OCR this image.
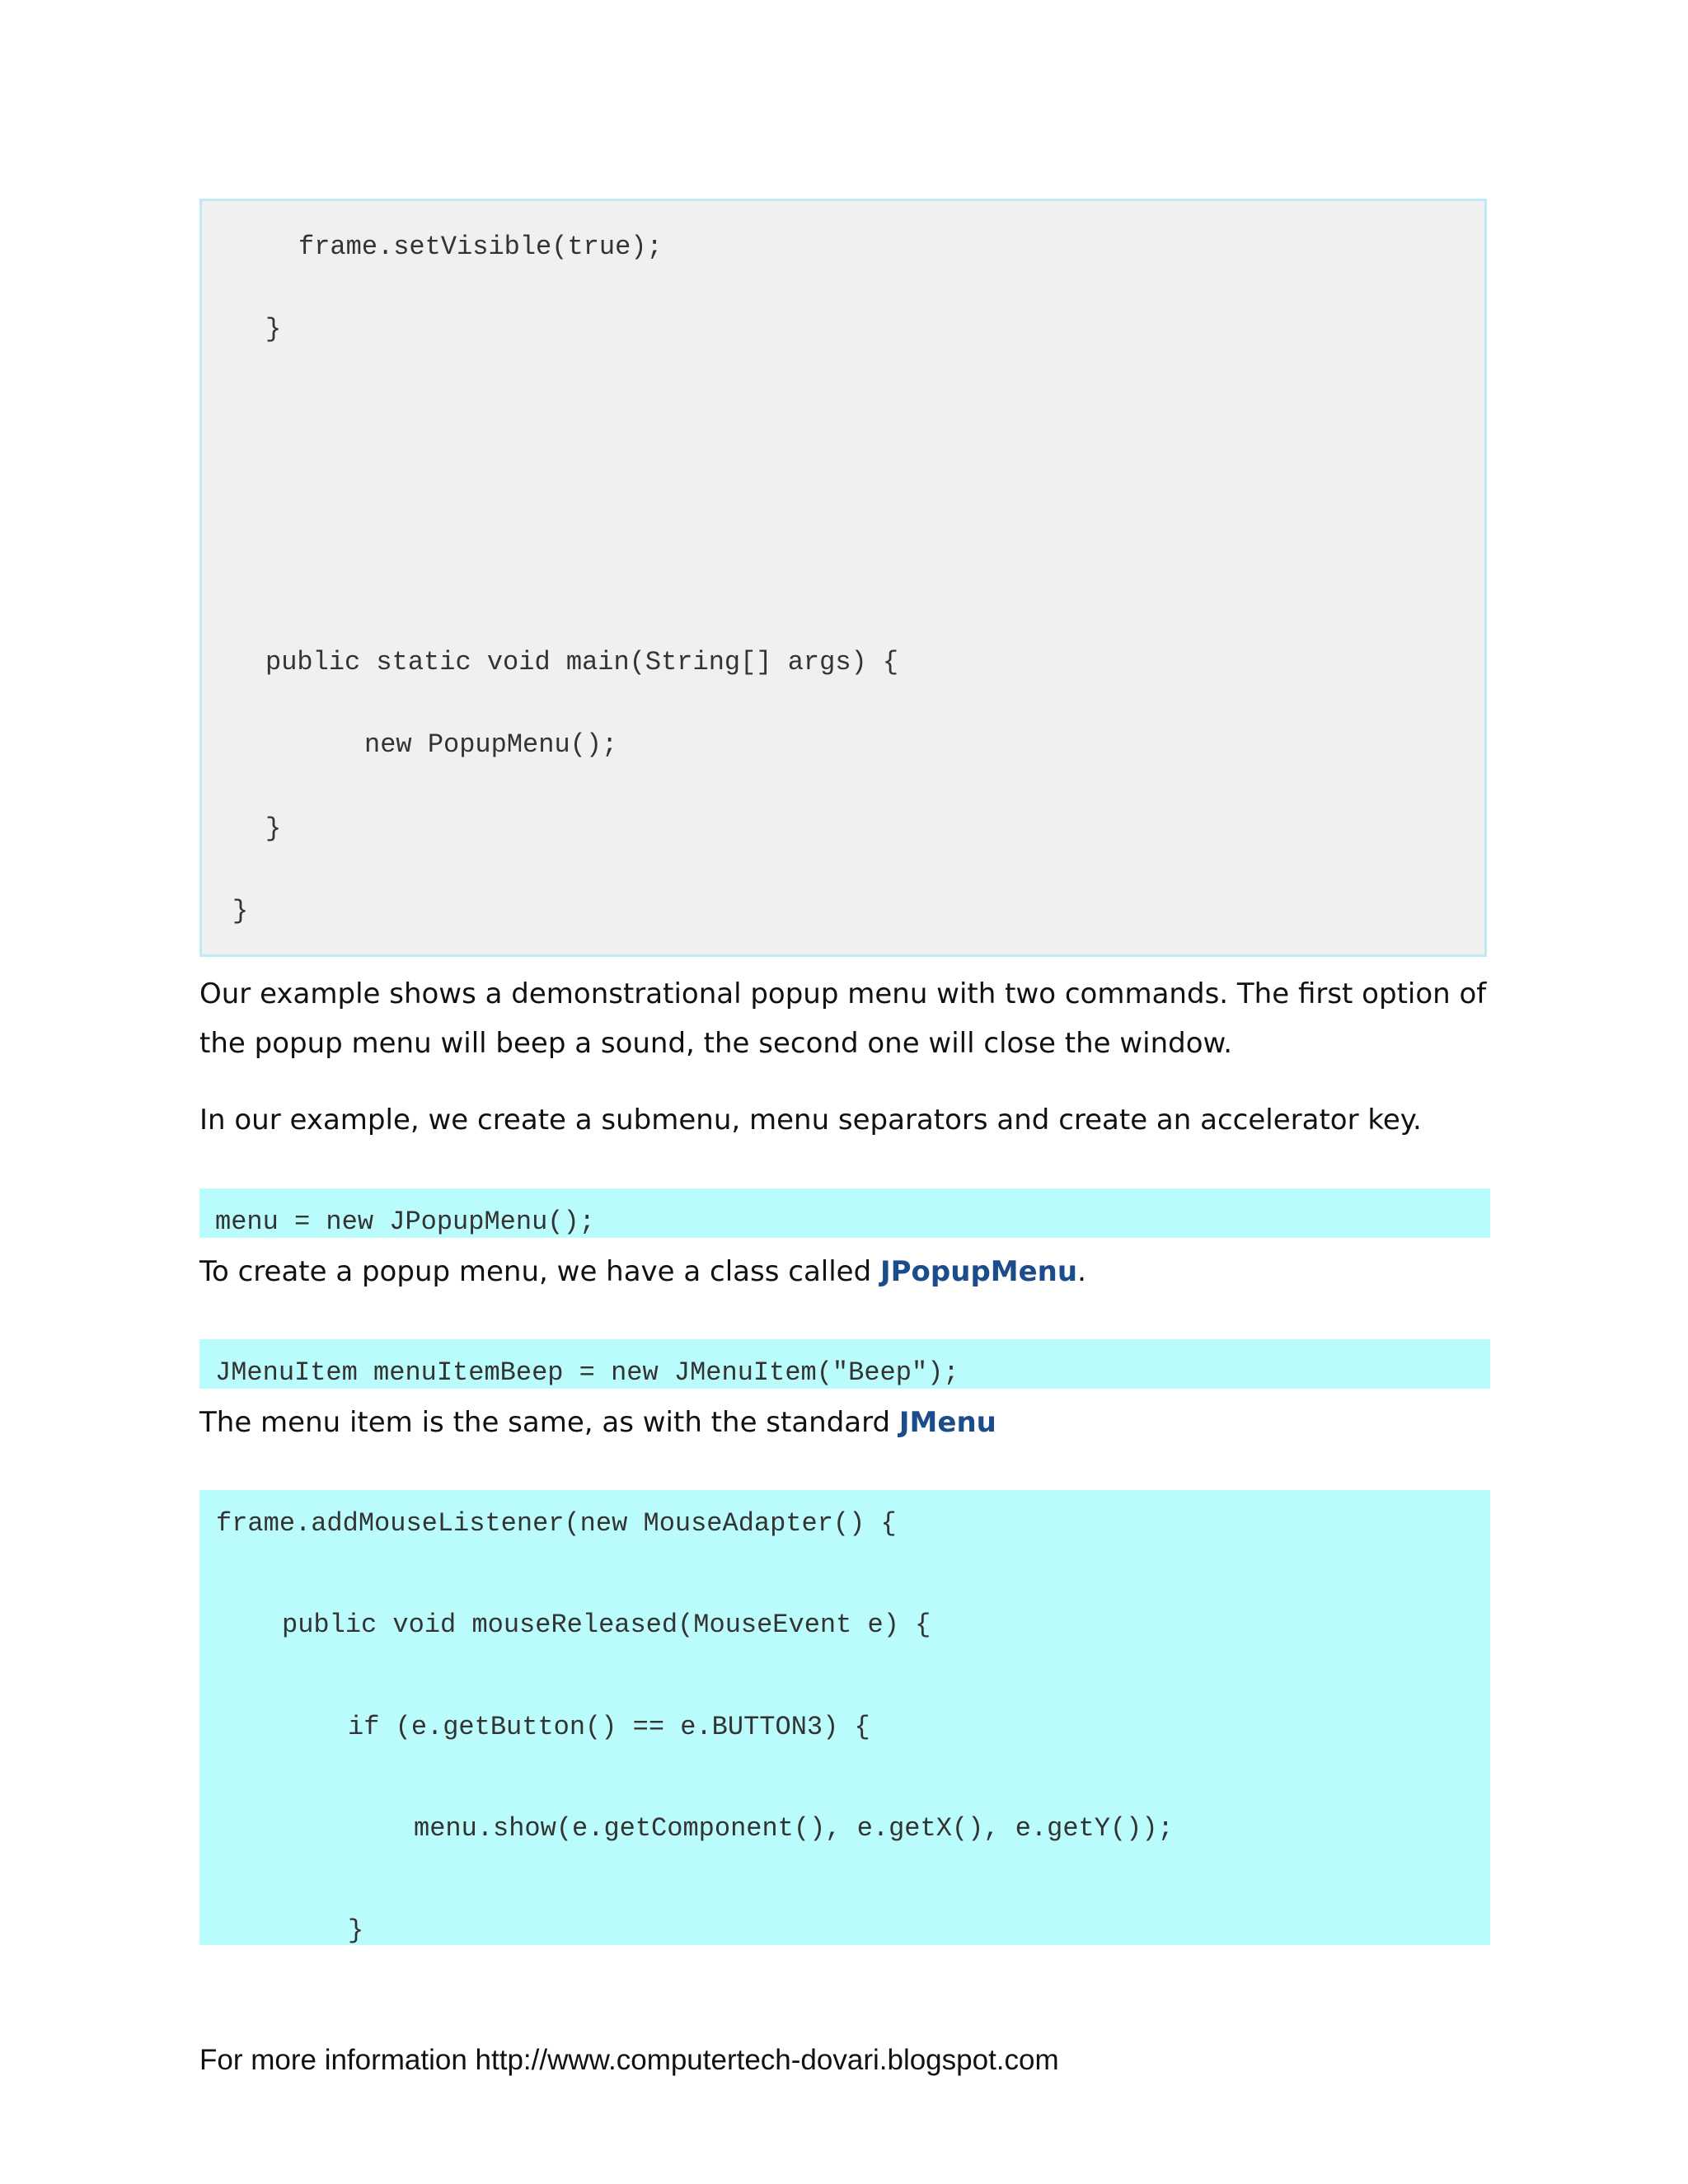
frame.setVisible(true);
}
public static void main(String[] args) {
new PopupMenu();
}
}

Our example shows a demonstrational popup menu with two commands. The first option of the popup menu will beep a sound, the second one will close the window.

In our example, we create a submenu, menu separators and create an accelerator key.

menu = new JPopupMenu();

To create a popup menu, we have a class called JPopupMenu.

JMenuItem menuItemBeep = new JMenuItem("Beep");

The menu item is the same, as with the standard JMenu

frame.addMouseListener(new MouseAdapter() {
public void mouseReleased(MouseEvent e) {
if (e.getButton() == e.BUTTON3) {
menu.show(e.getComponent(), e.getX(), e.getY());
}
For more information http://www.computertech-dovari.blogspot.com
